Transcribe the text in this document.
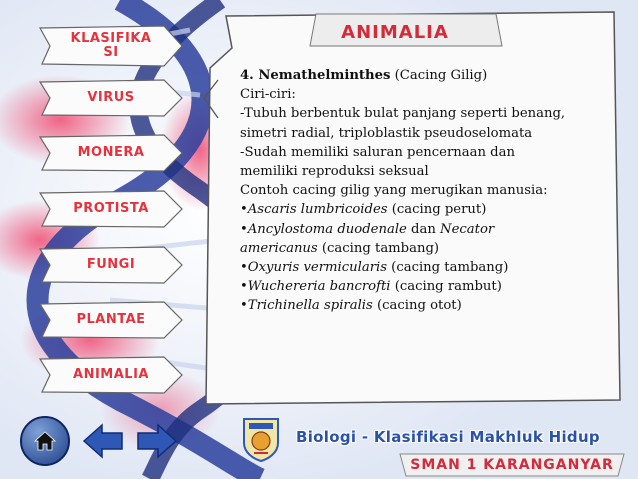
KLASIFIKA
SI
VIRUS
MONERA
PROTISTA
FUNGI
PLANTAE
ANIMALIA
ANIMALIA
4. Nemathelminthes (Cacing Gilig)
Ciri-ciri:
-Tubuh berbentuk bulat panjang seperti benang,
simetri radial, triploblastik pseudoselomata
-Sudah memiliki saluran pencernaan dan
memiliki reproduksi seksual
Contoh cacing gilig yang merugikan manusia:
•Ascaris lumbricoides (cacing perut)
•Ancylostoma duodenale dan Necator
americanus (cacing tambang)
•Oxyuris vermicularis (cacing tambang)
•Wuchereria bancrofti (cacing rambut)
•Trichinella spiralis (cacing otot)
Biologi - Klasifikasi Makhluk Hidup
SMAN 1 KARANGANYAR
